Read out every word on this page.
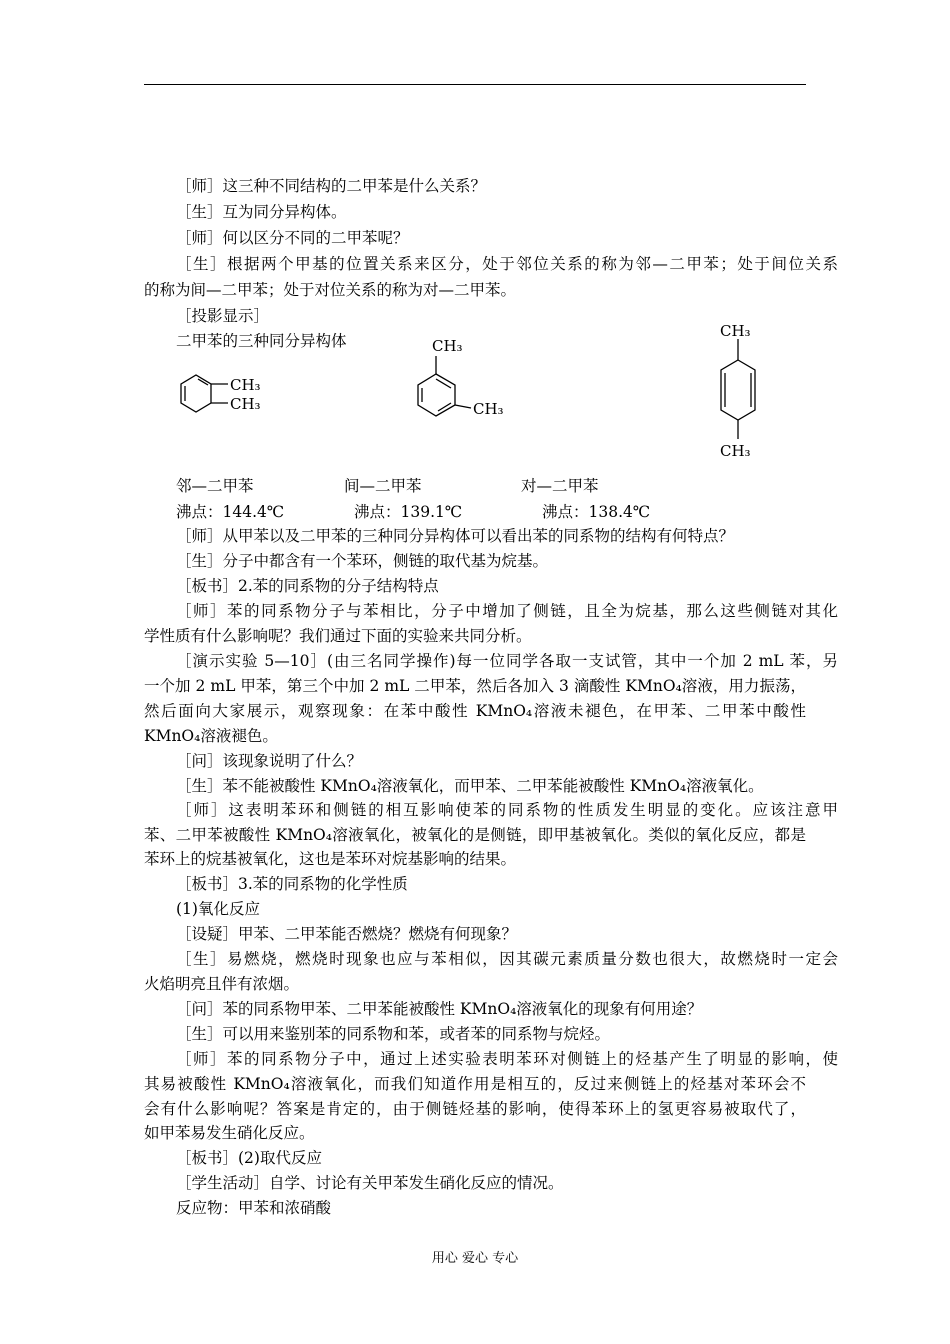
［师］这三种不同结构的二甲苯是什么关系？
［生］互为同分异构体。
［师］何以区分不同的二甲苯呢？
［生］根据两个甲基的位置关系来区分，处于邻位关系的称为邻—二甲苯；处于间位关系
的称为间—二甲苯；处于对位关系的称为对—二甲苯。
［投影显示］
二甲苯的三种同分异构体
CH₃
CH₃
CH₃
CH₃
CH₃
CH₃
邻—二甲苯	间—二甲苯	对—二甲苯
沸点：144.4℃	沸点：139.1℃	沸点：138.4℃
［师］从甲苯以及二甲苯的三种同分异构体可以看出苯的同系物的结构有何特点？
［生］分子中都含有一个苯环，侧链的取代基为烷基。
［板书］2.苯的同系物的分子结构特点
［师］苯的同系物分子与苯相比，分子中增加了侧链，且全为烷基，那么这些侧链对其化
学性质有什么影响呢？我们通过下面的实验来共同分析。
［演示实验 5—10］(由三名同学操作)每一位同学各取一支试管，其中一个加 2 mL 苯，另
一个加 2 mL 甲苯，第三个中加 2 mL 二甲苯，然后各加入 3 滴酸性 KMnO₄溶液，用力振荡，
然后面向大家展示，观察现象：在苯中酸性 KMnO₄溶液未褪色，在甲苯、二甲苯中酸性
KMnO₄溶液褪色。
［问］该现象说明了什么？
［生］苯不能被酸性 KMnO₄溶液氧化，而甲苯、二甲苯能被酸性 KMnO₄溶液氧化。
［师］这表明苯环和侧链的相互影响使苯的同系物的性质发生明显的变化。应该注意甲
苯、二甲苯被酸性 KMnO₄溶液氧化，被氧化的是侧链，即甲基被氧化。类似的氧化反应，都是
苯环上的烷基被氧化，这也是苯环对烷基影响的结果。
［板书］3.苯的同系物的化学性质
(1)氧化反应
［设疑］甲苯、二甲苯能否燃烧？燃烧有何现象？
［生］易燃烧，燃烧时现象也应与苯相似，因其碳元素质量分数也很大，故燃烧时一定会
火焰明亮且伴有浓烟。
［问］苯的同系物甲苯、二甲苯能被酸性 KMnO₄溶液氧化的现象有何用途？
［生］可以用来鉴别苯的同系物和苯，或者苯的同系物与烷烃。
［师］苯的同系物分子中，通过上述实验表明苯环对侧链上的烃基产生了明显的影响，使
其易被酸性 KMnO₄溶液氧化，而我们知道作用是相互的，反过来侧链上的烃基对苯环会不
会有什么影响呢？答案是肯定的，由于侧链烃基的影响，使得苯环上的氢更容易被取代了，
如甲苯易发生硝化反应。
［板书］(2)取代反应
［学生活动］自学、讨论有关甲苯发生硝化反应的情况。
反应物：甲苯和浓硝酸
用心 爱心 专心
